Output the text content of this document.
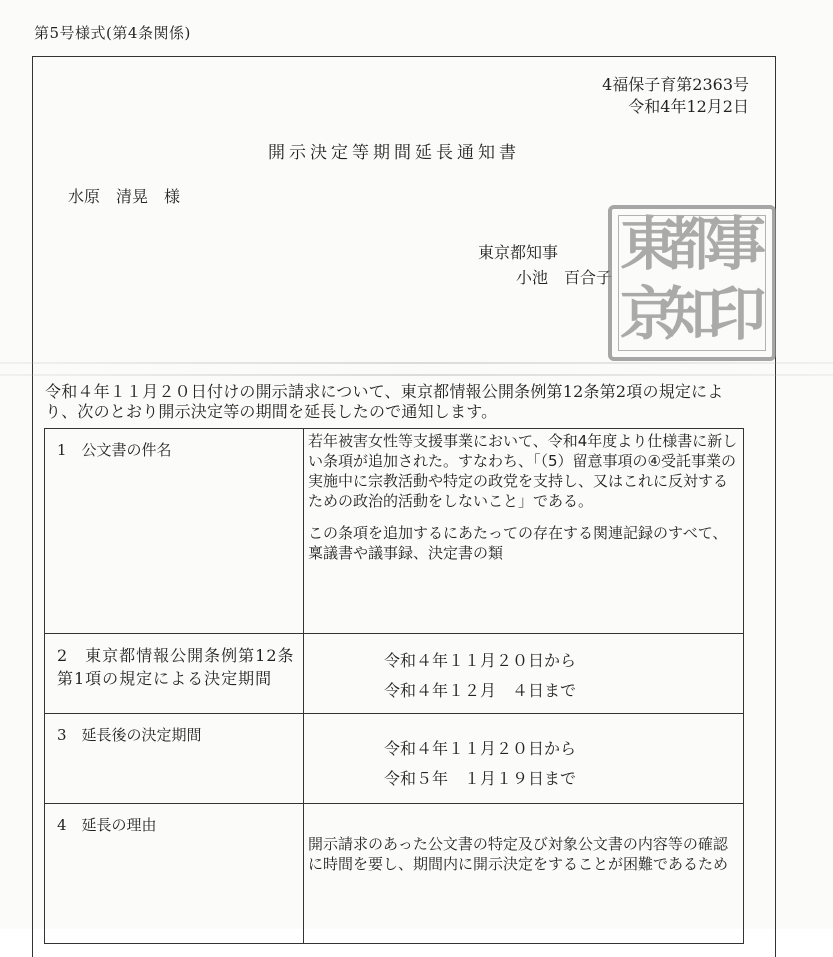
第5号様式(第4条関係)
4福保子育第2363号
令和4年12月2日
開示決定等期間延長通知書
水原　清晃　様
東京都知事
小池　百合子 東
京
都
知
事
印
令和４年１１月２０日付けの開示請求について、東京都情報公開条例第12条第2項の規定により、次のとおり開示決定等の期間を延長したので通知します。
1　公文書の件名	若年被害女性等支援事業において、令和4年度より仕様書に新しい条項が追加された。すなわち、「（5）留意事項の④受託事業の実施中に宗教活動や特定の政党を支持し、又はこれに反対するための政治的活動をしないこと」である。
この条項を追加するにあたっての存在する関連記録のすべて、稟議書や議事録、決定書の類
2　東京都情報公開条例第12条第1項の規定による決定期間	令和４年１１月２０日から
令和４年１２月　４日まで

3　延長後の決定期間	令和４年１１月２０日から
令和５年　１月１９日まで

4　延長の理由	開示請求のあった公文書の特定及び対象公文書の内容等の確認に時間を要し、期間内に開示決定をすることが困難であるため
